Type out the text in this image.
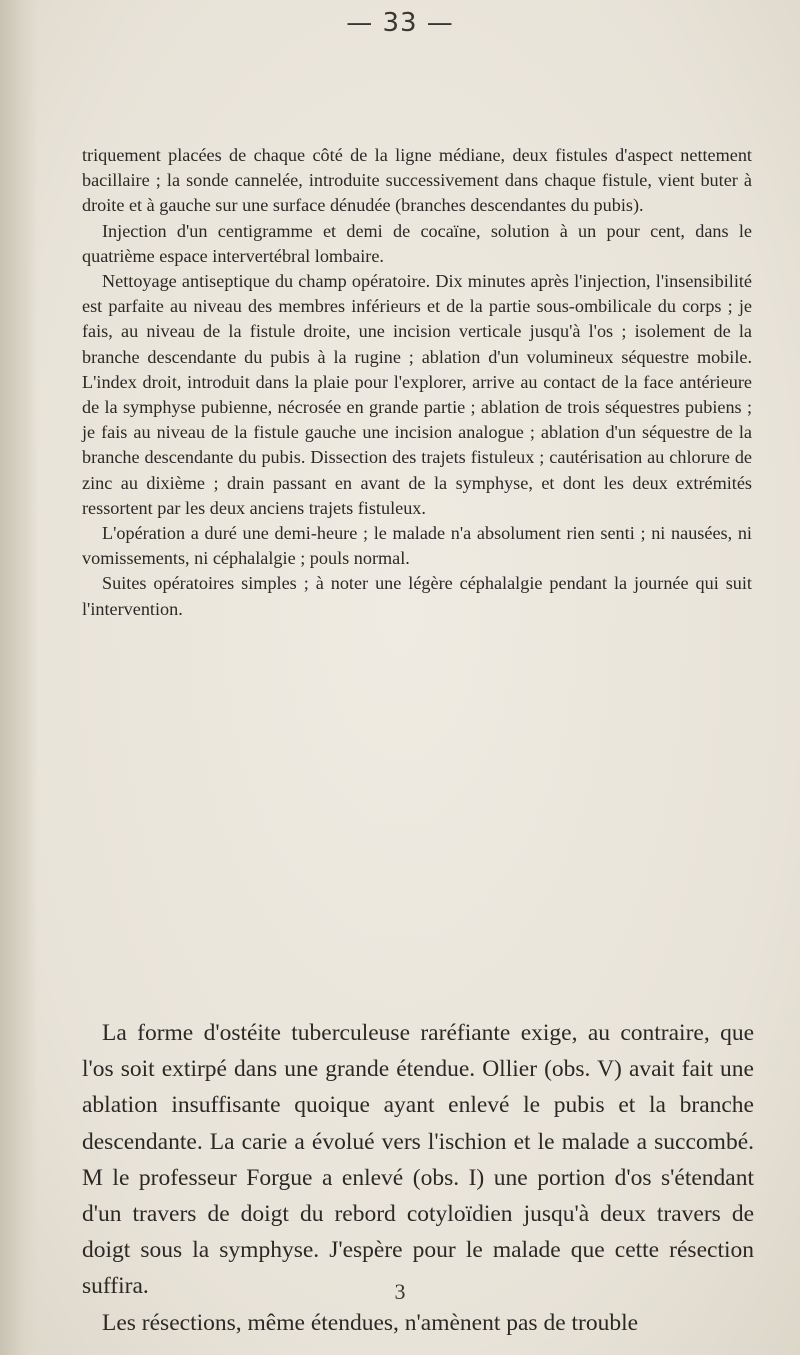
— 33 —

triquement placées de chaque côté de la ligne médiane, deux fistules d'aspect nettement bacillaire ; la sonde cannelée, introduite successivement dans chaque fistule, vient buter à droite et à gauche sur une surface dénudée (branches descendantes du pubis).

Injection d'un centigramme et demi de cocaïne, solution à un pour cent, dans le quatrième espace intervertébral lombaire.

Nettoyage antiseptique du champ opératoire. Dix minutes après l'injection, l'insensibilité est parfaite au niveau des membres inférieurs et de la partie sous-ombilicale du corps ; je fais, au niveau de la fistule droite, une incision verticale jusqu'à l'os ; isolement de la branche descendante du pubis à la rugine ; ablation d'un volumineux séquestre mobile. L'index droit, introduit dans la plaie pour l'explorer, arrive au contact de la face antérieure de la symphyse pubienne, nécrosée en grande partie ; ablation de trois séquestres pubiens ; je fais au niveau de la fistule gauche une incision analogue ; ablation d'un séquestre de la branche descendante du pubis. Dissection des trajets fistuleux ; cautérisation au chlorure de zinc au dixième ; drain passant en avant de la symphyse, et dont les deux extrémités ressortent par les deux anciens trajets fistuleux.

L'opération a duré une demi-heure ; le malade n'a absolument rien senti ; ni nausées, ni vomissements, ni céphalalgie ; pouls normal.

Suites opératoires simples ; à noter une légère céphalalgie pendant la journée qui suit l'intervention.

La forme d'ostéite tuberculeuse raréfiante exige, au contraire, que l'os soit extirpé dans une grande étendue. Ollier (obs. V) avait fait une ablation insuffisante quoique ayant enlevé le pubis et la branche descendante. La carie a évolué vers l'ischion et le malade a succombé. M le professeur Forgue a enlevé (obs. I) une portion d'os s'étendant d'un travers de doigt du rebord cotyloïdien jusqu'à deux travers de doigt sous la symphyse. J'espère pour le malade que cette résection suffira.

Les résections, même étendues, n'amènent pas de trouble

3
